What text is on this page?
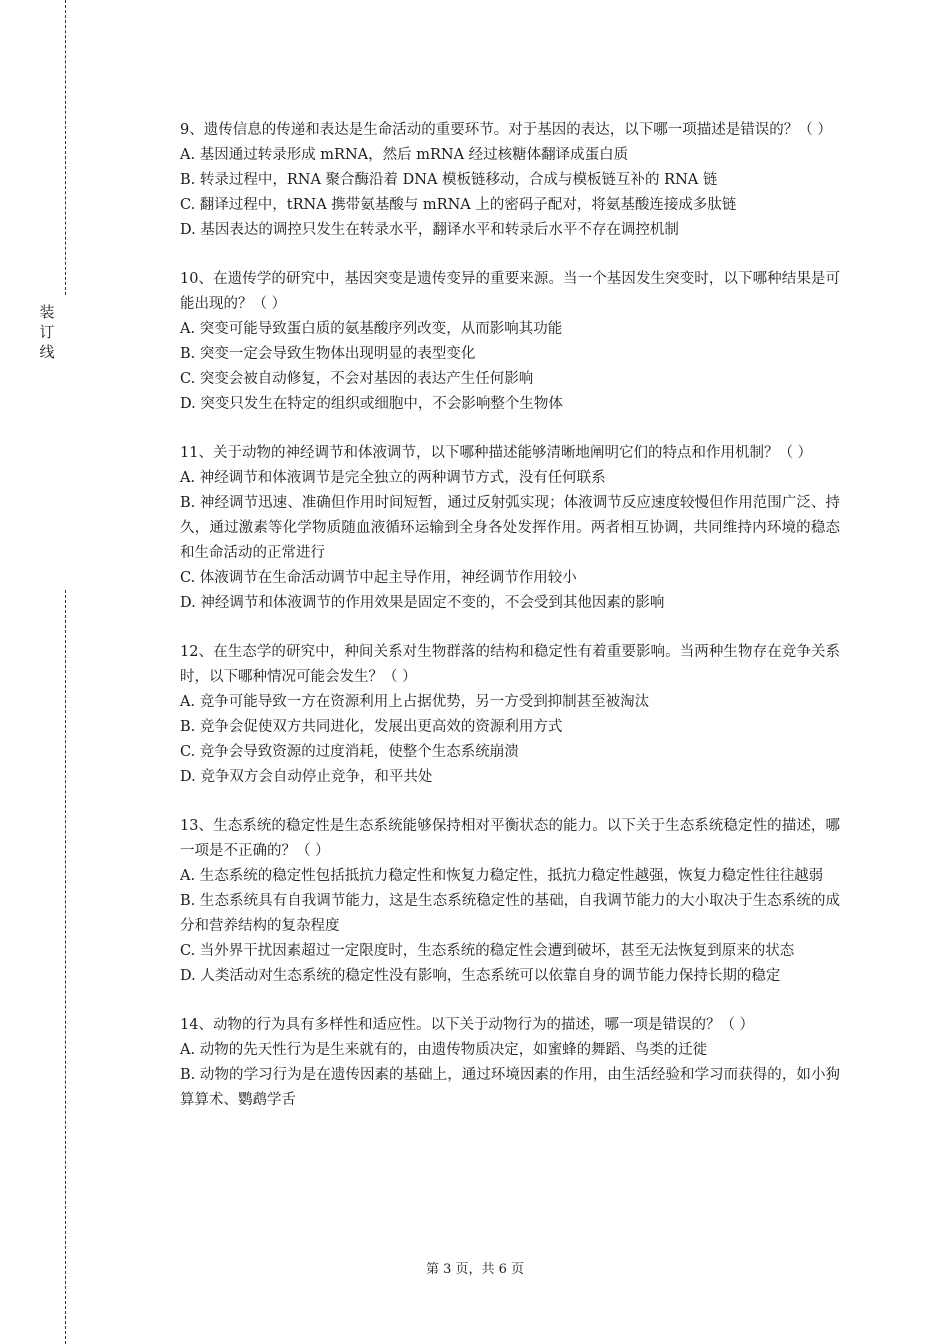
装
订
线

9、遗传信息的传递和表达是生命活动的重要环节。对于基因的表达，以下哪一项描述是错误的？（ ）

A. 基因通过转录形成 mRNA，然后 mRNA 经过核糖体翻译成蛋白质

B. 转录过程中，RNA 聚合酶沿着 DNA 模板链移动，合成与模板链互补的 RNA 链

C. 翻译过程中，tRNA 携带氨基酸与 mRNA 上的密码子配对，将氨基酸连接成多肽链

D. 基因表达的调控只发生在转录水平，翻译水平和转录后水平不存在调控机制

10、在遗传学的研究中，基因突变是遗传变异的重要来源。当一个基因发生突变时，以下哪种结果是可能出现的？（ ）

A. 突变可能导致蛋白质的氨基酸序列改变，从而影响其功能

B. 突变一定会导致生物体出现明显的表型变化

C. 突变会被自动修复，不会对基因的表达产生任何影响

D. 突变只发生在特定的组织或细胞中，不会影响整个生物体

11、关于动物的神经调节和体液调节，以下哪种描述能够清晰地阐明它们的特点和作用机制？（ ）

A. 神经调节和体液调节是完全独立的两种调节方式，没有任何联系

B. 神经调节迅速、准确但作用时间短暂，通过反射弧实现；体液调节反应速度较慢但作用范围广泛、持久，通过激素等化学物质随血液循环运输到全身各处发挥作用。两者相互协调，共同维持内环境的稳态和生命活动的正常进行

C. 体液调节在生命活动调节中起主导作用，神经调节作用较小

D. 神经调节和体液调节的作用效果是固定不变的，不会受到其他因素的影响

12、在生态学的研究中，种间关系对生物群落的结构和稳定性有着重要影响。当两种生物存在竞争关系时，以下哪种情况可能会发生？（ ）

A. 竞争可能导致一方在资源利用上占据优势，另一方受到抑制甚至被淘汰

B. 竞争会促使双方共同进化，发展出更高效的资源利用方式

C. 竞争会导致资源的过度消耗，使整个生态系统崩溃

D. 竞争双方会自动停止竞争，和平共处

13、生态系统的稳定性是生态系统能够保持相对平衡状态的能力。以下关于生态系统稳定性的描述，哪一项是不正确的？（ ）

A. 生态系统的稳定性包括抵抗力稳定性和恢复力稳定性，抵抗力稳定性越强，恢复力稳定性往往越弱

B. 生态系统具有自我调节能力，这是生态系统稳定性的基础，自我调节能力的大小取决于生态系统的成分和营养结构的复杂程度

C. 当外界干扰因素超过一定限度时，生态系统的稳定性会遭到破坏，甚至无法恢复到原来的状态

D. 人类活动对生态系统的稳定性没有影响，生态系统可以依靠自身的调节能力保持长期的稳定

14、动物的行为具有多样性和适应性。以下关于动物行为的描述，哪一项是错误的？（ ）

A. 动物的先天性行为是生来就有的，由遗传物质决定，如蜜蜂的舞蹈、鸟类的迁徙

B. 动物的学习行为是在遗传因素的基础上，通过环境因素的作用，由生活经验和学习而获得的，如小狗算算术、鹦鹉学舌

第 3 页，共 6 页
